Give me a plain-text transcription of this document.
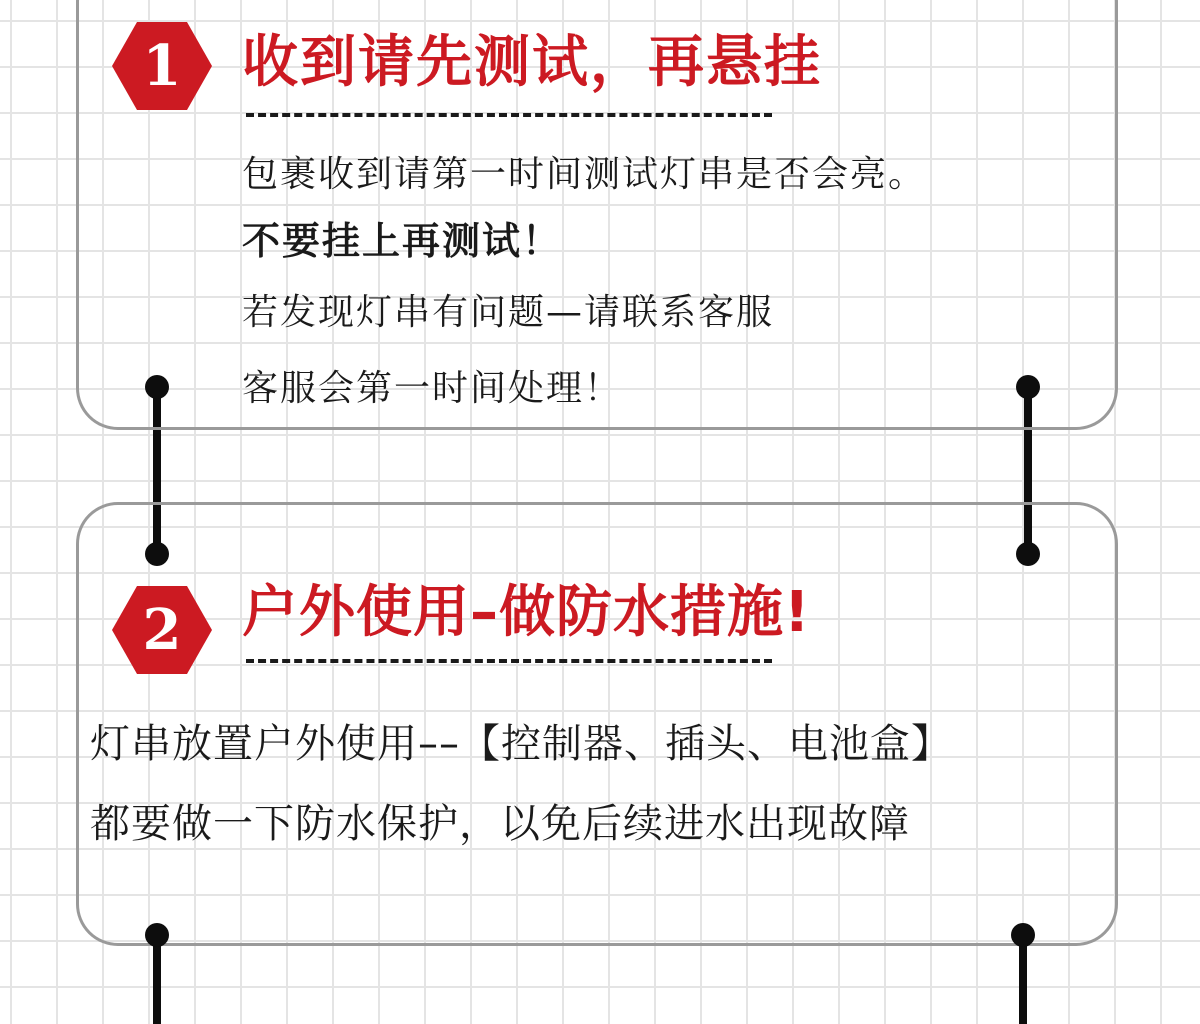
1	收到请先测试，再悬挂
包裹收到请第一时间测试灯串是否会亮。
不要挂上再测试！
若发现灯串有问题—请联系客服
客服会第一时间处理！
2	户外使用–做防水措施!
灯串放置户外使用––【控制器、插头、电池盒】
都要做一下防水保护，以免后续进水出现故障
